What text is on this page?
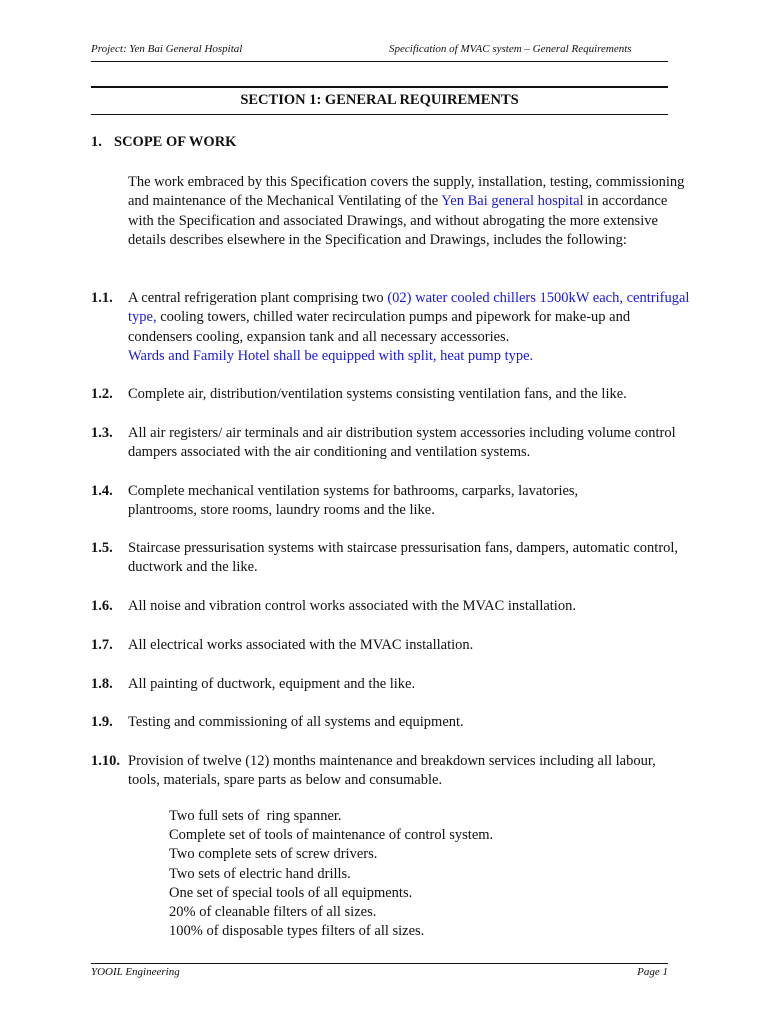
Project: Yen Bai General Hospital	Specification of MVAC system – General Requirements
SECTION 1: GENERAL REQUIREMENTS
1. SCOPE OF WORK
The work embraced by this Specification covers the supply, installation, testing, commissioning and maintenance of the Mechanical Ventilating of the Yen Bai general hospital in accordance with the Specification and associated Drawings, and without abrogating the more extensive details describes elsewhere in the Specification and Drawings, includes the following:
1.1. A central refrigeration plant comprising two (02) water cooled chillers 1500kW each, centrifugal type, cooling towers, chilled water recirculation pumps and pipework for make-up and condensers cooling, expansion tank and all necessary accessories.
Wards and Family Hotel shall be equipped with split, heat pump type.
1.2. Complete air, distribution/ventilation systems consisting ventilation fans, and the like.
1.3. All air registers/ air terminals and air distribution system accessories including volume control dampers associated with the air conditioning and ventilation systems.
1.4. Complete mechanical ventilation systems for bathrooms, carparks, lavatories, plantrooms, store rooms, laundry rooms and the like.
1.5. Staircase pressurisation systems with staircase pressurisation fans, dampers, automatic control, ductwork and the like.
1.6. All noise and vibration control works associated with the MVAC installation.
1.7. All electrical works associated with the MVAC installation.
1.8. All painting of ductwork, equipment and the like.
1.9. Testing and commissioning of all systems and equipment.
1.10. Provision of twelve (12) months maintenance and breakdown services including all labour, tools, materials, spare parts as below and consumable.
Two full sets of  ring spanner.
Complete set of tools of maintenance of control system.
Two complete sets of screw drivers.
Two sets of electric hand drills.
One set of special tools of all equipments.
20% of cleanable filters of all sizes.
100% of disposable types filters of all sizes.
YOOIL Engineering	Page 1
